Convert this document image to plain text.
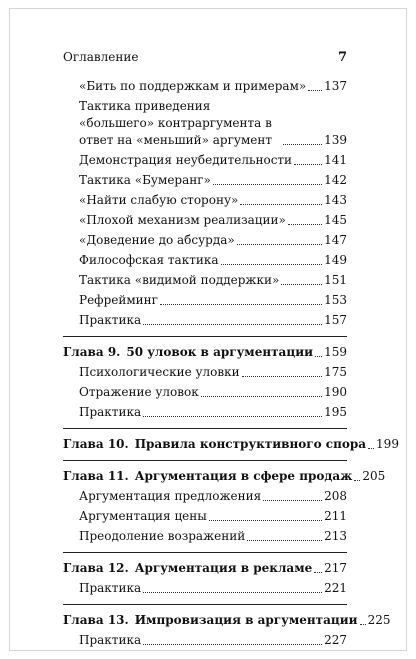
Оглавление	7
«Бить по поддержкам и примерам» 137
Тактика приведения «большего» контраргумента в ответ на «меньший» аргумент	139
Демонстрация неубедительности	141
Тактика «Бумеранг»	142
«Найти слабую сторону»	143
«Плохой механизм реализации»	145
«Доведение до абсурда»	147
Философская тактика	149
Тактика «видимой поддержки»	151
Рефрейминг	153
Практика	157
Глава 9. 50 уловок в аргументации 159
Психологические уловки	175
Отражение уловок	190
Практика	195
Глава 10. Правила конструктивного спора 199
Глава 11. Аргументация в сфере продаж 205
Аргументация предложения	208
Аргументация цены	211
Преодоление возражений	213
Глава 12. Аргументация в рекламе 217
Практика	221
Глава 13. Импровизация в аргументации 225
Практика	227
